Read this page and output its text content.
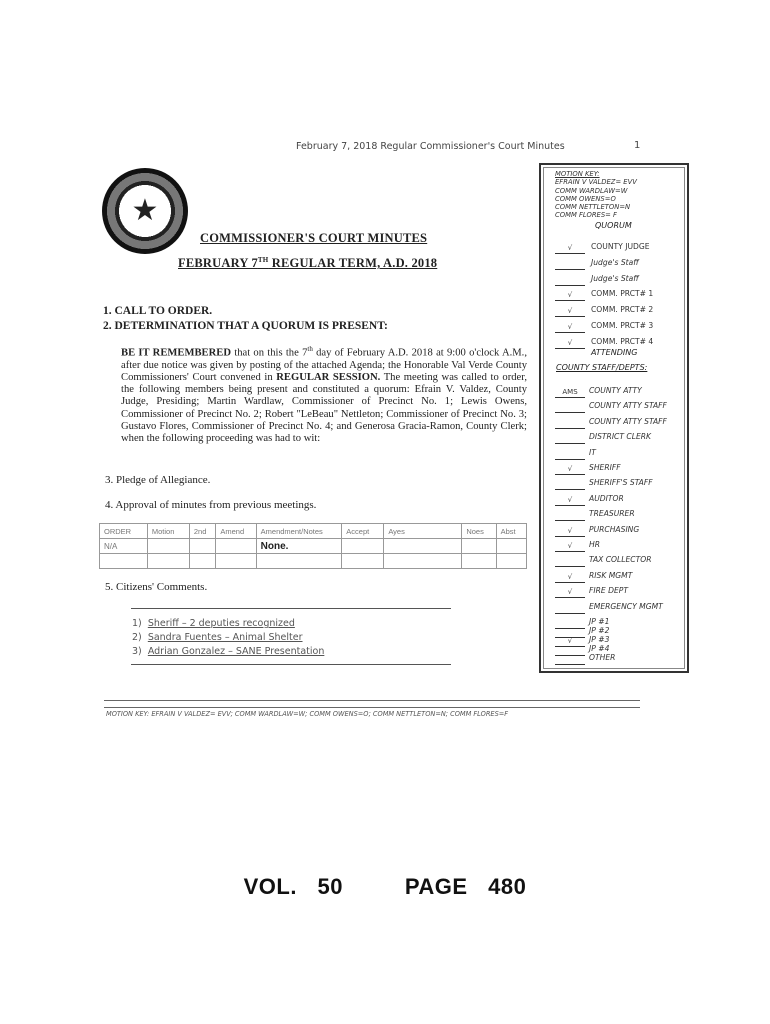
February 7, 2018 Regular Commissioner's Court Minutes	1
★
COMMISSIONER'S COURT MINUTES
FEBRUARY 7TH REGULAR TERM, A.D. 2018
1. CALL TO ORDER.
2. DETERMINATION THAT A QUORUM IS PRESENT:
BE IT REMEMBERED that on this the 7th day of February A.D. 2018 at 9:00 o'clock A.M., after due notice was given by posting of the attached Agenda; the Honorable Val Verde County Commissioners' Court convened in REGULAR SESSION. The meeting was called to order, the following members being present and constituted a quorum: Efrain V. Valdez, County Judge, Presiding; Martin Wardlaw, Commissioner of Precinct No. 1; Lewis Owens, Commissioner of Precinct No. 2; Robert "LeBeau" Nettleton; Commissioner of Precinct No. 3; Gustavo Flores, Commissioner of Precinct No. 4; and Generosa Gracia-Ramon, County Clerk; when the following proceeding was had to wit:
3. Pledge of Allegiance.
4. Approval of minutes from previous meetings.
ORDER	Motion	2nd	Amend	Amendment/Notes	Accept	Ayes	Noes	Abst
N/A				None.				

5. Citizens' Comments.
1) Sheriff – 2 deputies recognized
2) Sandra Fuentes – Animal Shelter
3) Adrian Gonzalez – SANE Presentation
MOTION KEY:
EFRAIN V VALDEZ= EVV
COMM WARDLAW=W
COMM OWENS=O
COMM NETTLETON=N
COMM FLORES= F
QUORUM
ATTENDING
COUNTY STAFF/DEPTS:
√ COUNTY JUDGE
Judge's Staff
Judge's Staff
√ COMM. PRCT# 1
√ COMM. PRCT# 2
√ COMM. PRCT# 3
√ COMM. PRCT# 4
AMS COUNTY ATTY
COUNTY ATTY STAFF
COUNTY ATTY STAFF
DISTRICT CLERK
IT
√ SHERIFF
SHERIFF'S STAFF
√ AUDITOR
TREASURER
√ PURCHASING
√ HR
TAX COLLECTOR
√ RISK MGMT
√ FIRE DEPT
EMERGENCY MGMT
JP #1
JP #2
√ JP #3
JP #4
OTHER
MOTION KEY: EFRAIN V VALDEZ= EVV; COMM WARDLAW=W; COMM OWENS=O; COMM NETTLETON=N; COMM FLORES=F
VOL. 50	PAGE 480
